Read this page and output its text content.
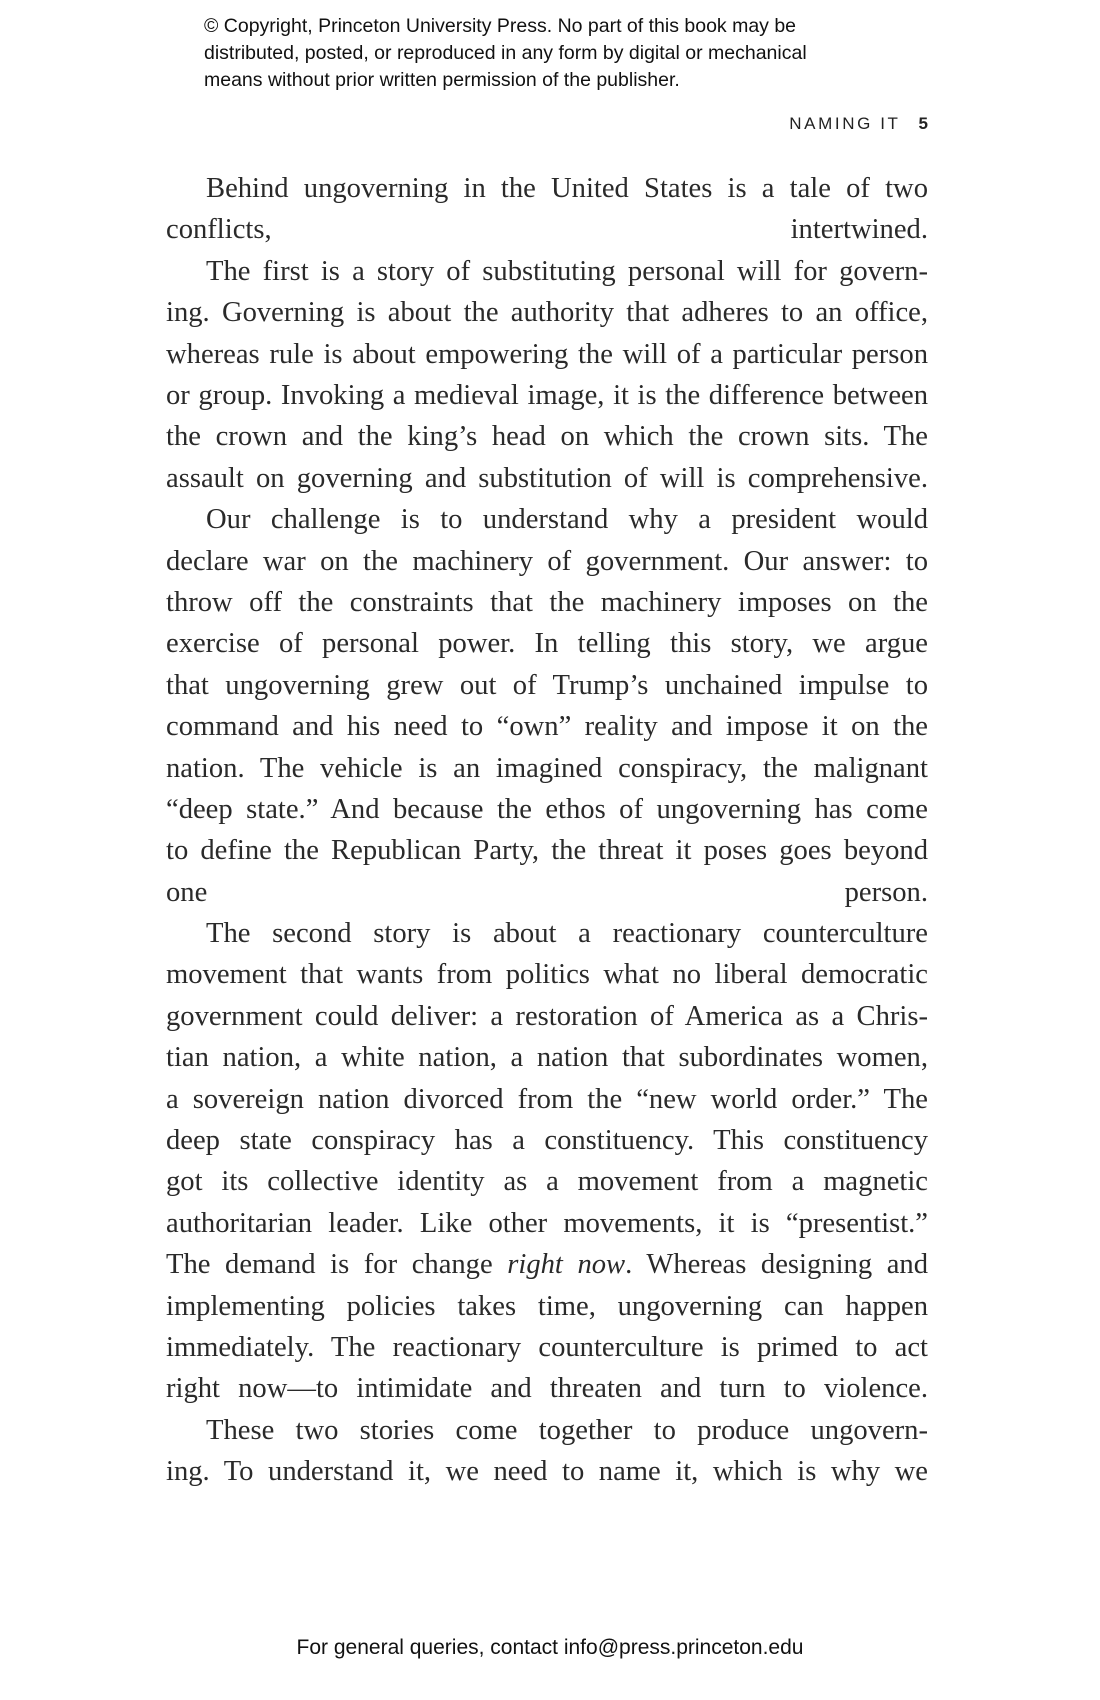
© Copyright, Princeton University Press. No part of this book may be
distributed, posted, or reproduced in any form by digital or mechanical
means without prior written permission of the publisher.
NAMING IT 5
Behind ungoverning in the United States is a tale of two
conflicts, intertwined.
The first is a story of substituting personal will for govern-
ing. Governing is about the authority that adheres to an office,
whereas rule is about empowering the will of a particular person
or group. Invoking a medieval image, it is the difference between
the crown and the king’s head on which the crown sits. The
assault on governing and substitution of will is comprehensive.
Our challenge is to understand why a president would
declare war on the machinery of government. Our answer: to
throw off the constraints that the machinery imposes on the
exercise of personal power. In telling this story, we argue
that ungoverning grew out of Trump’s unchained impulse to
command and his need to “own” reality and impose it on the
nation. The vehicle is an imagined conspiracy, the malignant
“deep state.” And because the ethos of ungoverning has come
to define the Republican Party, the threat it poses goes beyond
one person.
The second story is about a reactionary counterculture
movement that wants from politics what no liberal democratic
government could deliver: a restoration of America as a Chris-
tian nation, a white nation, a nation that subordinates women,
a sovereign nation divorced from the “new world order.” The
deep state conspiracy has a constituency. This constituency
got its collective identity as a movement from a magnetic
authoritarian leader. Like other movements, it is “presentist.”
The demand is for change right now. Whereas designing and
implementing policies takes time, ungoverning can happen
immediately. The reactionary counterculture is primed to act
right now—to intimidate and threaten and turn to violence.
These two stories come together to produce ungovern-
ing. To understand it, we need to name it, which is why we
For general queries, contact info@press.princeton.edu
